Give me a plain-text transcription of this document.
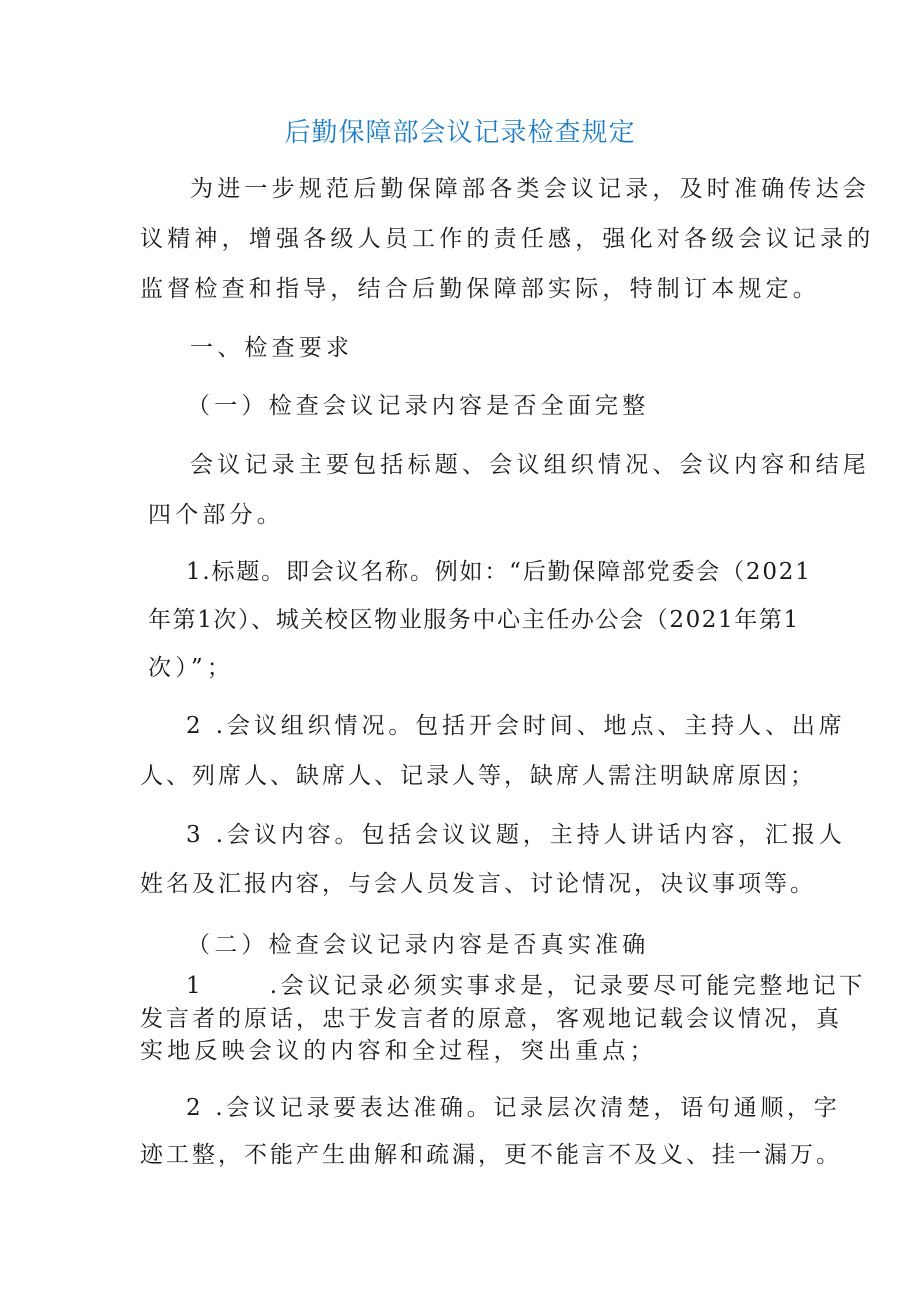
后勤保障部会议记录检查规定
为进一步规范后勤保障部各类会议记录，及时准确传达会
议精神，增强各级人员工作的责任感，强化对各级会议记录的
监督检查和指导，结合后勤保障部实际，特制订本规定。
一、检查要求
（一）检查会议记录内容是否全面完整
会议记录主要包括标题、会议组织情况、会议内容和结尾
四个部分。
1.标题。即会议名称。例如：“后勤保障部党委会（2021
年第1次）、城关校区物业服务中心主任办公会（2021年第1
次）”；
2 .会议组织情况。包括开会时间、地点、主持人、出席
人、列席人、缺席人、记录人等，缺席人需注明缺席原因；
3 .会议内容。包括会议议题，主持人讲话内容，汇报人
姓名及汇报内容，与会人员发言、讨论情况，决议事项等。
（二）检查会议记录内容是否真实准确
1      .会议记录必须实事求是，记录要尽可能完整地记下
发言者的原话，忠于发言者的原意，客观地记载会议情况，真
实地反映会议的内容和全过程，突出重点；
2 .会议记录要表达准确。记录层次清楚，语句通顺，字
迹工整，不能产生曲解和疏漏，更不能言不及义、挂一漏万。
